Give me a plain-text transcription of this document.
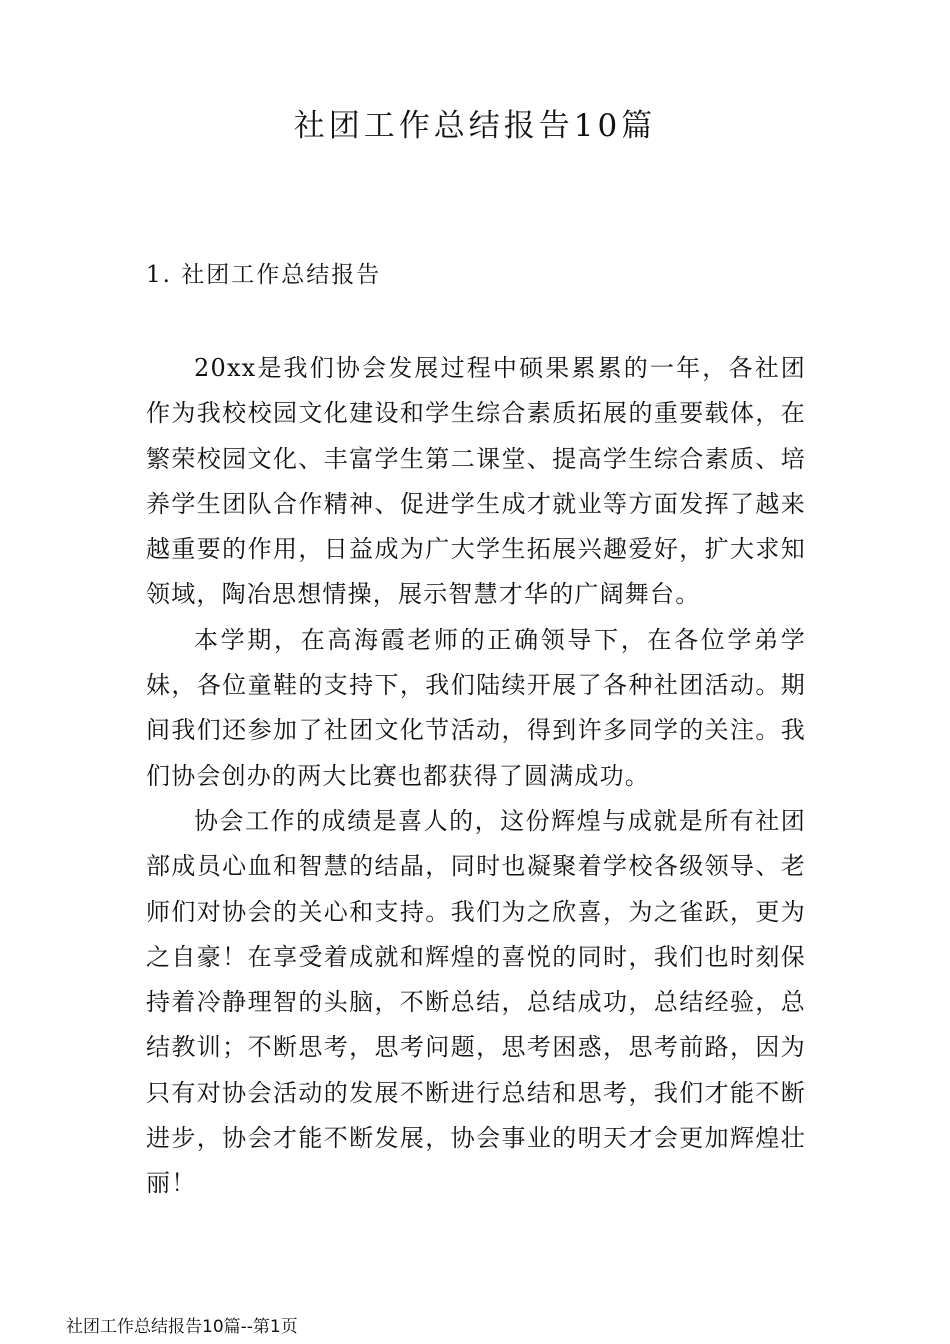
社团工作总结报告10篇
1. 社团工作总结报告

20xx是我们协会发展过程中硕果累累的一年，各社团作为我校校园文化建设和学生综合素质拓展的重要载体，在繁荣校园文化、丰富学生第二课堂、提高学生综合素质、培养学生团队合作精神、促进学生成才就业等方面发挥了越来越重要的作用，日益成为广大学生拓展兴趣爱好，扩大求知领域，陶冶思想情操，展示智慧才华的广阔舞台。

本学期，在高海霞老师的正确领导下，在各位学弟学妹，各位童鞋的支持下，我们陆续开展了各种社团活动。期间我们还参加了社团文化节活动，得到许多同学的关注。我们协会创办的两大比赛也都获得了圆满成功。

协会工作的成绩是喜人的，这份辉煌与成就是所有社团部成员心血和智慧的结晶，同时也凝聚着学校各级领导、老师们对协会的关心和支持。我们为之欣喜，为之雀跃，更为之自豪！在享受着成就和辉煌的喜悦的同时，我们也时刻保持着冷静理智的头脑，不断总结，总结成功，总结经验，总结教训；不断思考，思考问题，思考困惑，思考前路，因为只有对协会活动的发展不断进行总结和思考，我们才能不断进步，协会才能不断发展，协会事业的明天才会更加辉煌壮丽！

社团工作总结报告10篇--第1页
